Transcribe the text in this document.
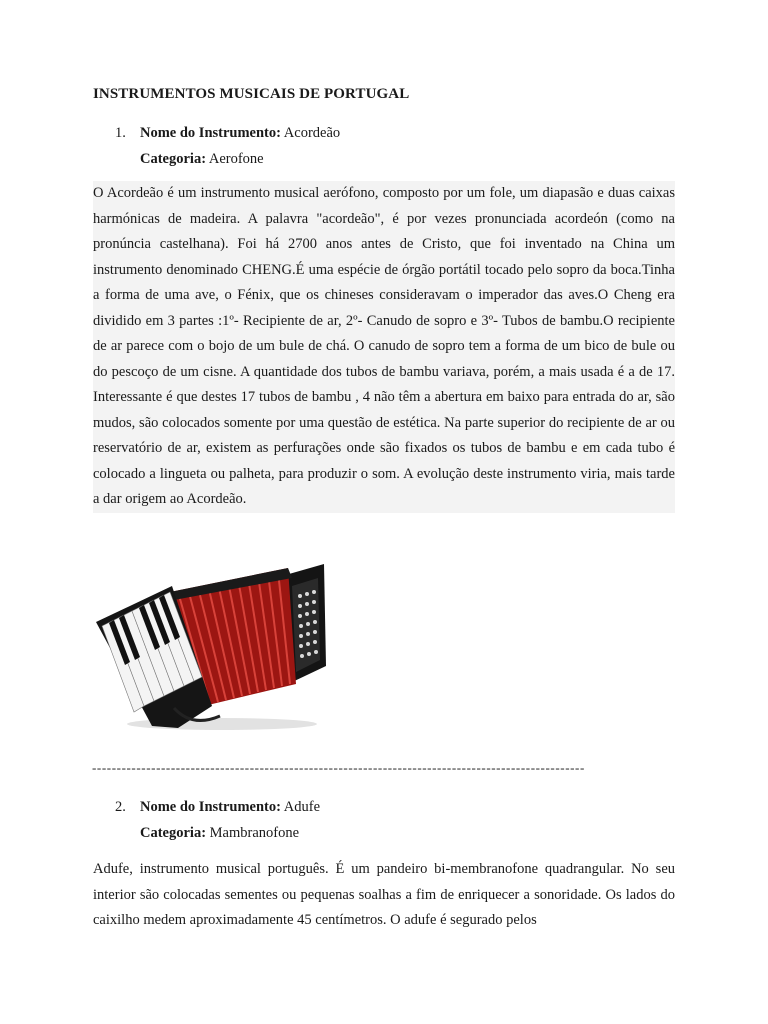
INSTRUMENTOS MUSICAIS DE PORTUGAL
1. Nome do Instrumento: Acordeão
Categoria: Aerofone
O Acordeão é um instrumento musical aerófono, composto por um fole, um diapasão e duas caixas harmónicas de madeira. A palavra "acordeão", é por vezes pronunciada acordeón (como na pronúncia castelhana). Foi há 2700 anos antes de Cristo, que foi inventado na China um instrumento denominado CHENG.É uma espécie de órgão portátil tocado pelo sopro da boca.Tinha a forma de uma ave, o Fénix, que os chineses consideravam o imperador das aves.O Cheng era dividido em 3 partes :1º- Recipiente de ar, 2º- Canudo de sopro e 3º- Tubos de bambu.O recipiente de ar parece com o bojo de um bule de chá. O canudo de sopro tem a forma de um bico de bule ou do pescoço de um cisne. A quantidade dos tubos de bambu variava, porém, a mais usada é a de 17. Interessante é que destes 17 tubos de bambu , 4 não têm a abertura em baixo para entrada do ar, são mudos, são colocados somente por uma questão de estética. Na parte superior do recipiente de ar ou reservatório de ar, existem as perfurações onde são fixados os tubos de bambu e em cada tubo é colocado a lingueta ou palheta, para produzir o som. A evolução deste instrumento viria, mais tarde a dar origem ao Acordeão.
----------------------------------------------------------------------------------------------------
2. Nome do Instrumento: Adufe
Categoria: Mambranofone
Adufe, instrumento musical português. É um pandeiro bi-membranofone quadrangular. No seu interior são colocadas sementes ou pequenas soalhas a fim de enriquecer a sonoridade. Os lados do caixilho medem aproximadamente 45 centímetros. O adufe é segurado pelos
